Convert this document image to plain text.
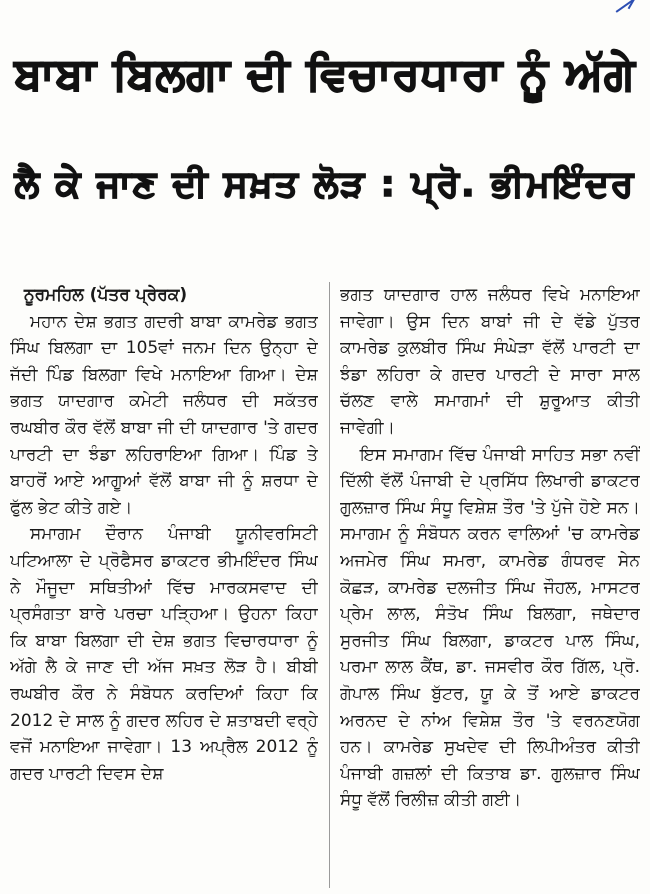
ਬਾਬਾ ਬਿਲਗਾ ਦੀ ਵਿਚਾਰਧਾਰਾ ਨੂੰ ਅੱਗੇ
ਲੈ ਕੇ ਜਾਣ ਦੀ ਸਖ਼ਤ ਲੋੜ : ਪ੍ਰੋ. ਭੀਮਇੰਦਰ
ਨੂਰਮਹਿਲ (ਪੱਤਰ ਪ੍ਰੇਰਕ)

ਮਹਾਨ ਦੇਸ਼ ਭਗਤ ਗਦਰੀ ਬਾਬਾ ਕਾਮਰੇਡ ਭਗਤ ਸਿੰਘ ਬਿਲਗਾ ਦਾ 105ਵਾਂ ਜਨਮ ਦਿਨ ਉਨ੍ਹਾ ਦੇ ਜੱਦੀ ਪਿੰਡ ਬਿਲਗਾ ਵਿਖੇ ਮਨਾਇਆ ਗਿਆ। ਦੇਸ਼ ਭਗਤ ਯਾਦਗਾਰ ਕਮੇਟੀ ਜਲੰਧਰ ਦੀ ਸਕੱਤਰ ਰਘਬੀਰ ਕੌਰ ਵੱਲੋਂ ਬਾਬਾ ਜੀ ਦੀ ਯਾਦਗਾਰ 'ਤੇ ਗਦਰ ਪਾਰਟੀ ਦਾ ਝੰਡਾ ਲਹਿਰਾਇਆ ਗਿਆ। ਪਿੰਡ ਤੇ ਬਾਹਰੋਂ ਆਏ ਆਗੂਆਂ ਵੱਲੋਂ ਬਾਬਾ ਜੀ ਨੂੰ ਸ਼ਰਧਾ ਦੇ ਫੁੱਲ ਭੇਟ ਕੀਤੇ ਗਏ।

ਸਮਾਗਮ ਦੌਰਾਨ ਪੰਜਾਬੀ ਯੂਨੀਵਰਸਿਟੀ ਪਟਿਆਲਾ ਦੇ ਪ੍ਰੋਫੈਸਰ ਡਾਕਟਰ ਭੀਮਇੰਦਰ ਸਿੰਘ ਨੇ ਮੌਜੂਦਾ ਸਥਿਤੀਆਂ ਵਿੱਚ ਮਾਰਕਸਵਾਦ ਦੀ ਪ੍ਰਸੰਗਤਾ ਬਾਰੇ ਪਰਚਾ ਪੜ੍ਹਿਆ। ਉਹਨਾ ਕਿਹਾ ਕਿ ਬਾਬਾ ਬਿਲਗਾ ਦੀ ਦੇਸ਼ ਭਗਤ ਵਿਚਾਰਧਾਰਾ ਨੂੰ ਅੱਗੇ ਲੈ ਕੇ ਜਾਣ ਦੀ ਅੱਜ ਸਖ਼ਤ ਲੋੜ ਹੈ। ਬੀਬੀ ਰਘਬੀਰ ਕੌਰ ਨੇ ਸੰਬੋਧਨ ਕਰਦਿਆਂ ਕਿਹਾ ਕਿ 2012 ਦੇ ਸਾਲ ਨੂੰ ਗਦਰ ਲਹਿਰ ਦੇ ਸ਼ਤਾਬਦੀ ਵਰ੍ਹੇ ਵਜੋਂ ਮਨਾਇਆ ਜਾਵੇਗਾ। 13 ਅਪ੍ਰੈਲ 2012 ਨੂੰ ਗਦਰ ਪਾਰਟੀ ਦਿਵਸ ਦੇਸ਼

ਭਗਤ ਯਾਦਗਾਰ ਹਾਲ ਜਲੰਧਰ ਵਿਖੇ ਮਨਾਇਆ ਜਾਵੇਗਾ। ਉਸ ਦਿਨ ਬਾਬਾਂ ਜੀ ਦੇ ਵੱਡੇ ਪੁੱਤਰ ਕਾਮਰੇਡ ਕੁਲਬੀਰ ਸਿੰਘ ਸੰਘੇੜਾ ਵੱਲੋਂ ਪਾਰਟੀ ਦਾ ਝੰਡਾ ਲਹਿਰਾ ਕੇ ਗਦਰ ਪਾਰਟੀ ਦੇ ਸਾਰਾ ਸਾਲ ਚੱਲਣ ਵਾਲੇ ਸਮਾਗਮਾਂ ਦੀ ਸ਼ੁਰੂਆਤ ਕੀਤੀ ਜਾਵੇਗੀ।

ਇਸ ਸਮਾਗਮ ਵਿੱਚ ਪੰਜਾਬੀ ਸਾਹਿਤ ਸਭਾ ਨਵੀਂ ਦਿੱਲੀ ਵੱਲੋਂ ਪੰਜਾਬੀ ਦੇ ਪ੍ਰਸਿੱਧ ਲਿਖਾਰੀ ਡਾਕਟਰ ਗੁਲਜ਼ਾਰ ਸਿੰਘ ਸੰਧੂ ਵਿਸ਼ੇਸ਼ ਤੌਰ 'ਤੇ ਪੁੱਜੇ ਹੋਏ ਸਨ। ਸਮਾਗਮ ਨੂੰ ਸੰਬੋਧਨ ਕਰਨ ਵਾਲਿਆਂ 'ਚ ਕਾਮਰੇਡ ਅਜਮੇਰ ਸਿੰਘ ਸਮਰਾ, ਕਾਮਰੇਡ ਗੰਧਰਵ ਸੇਨ ਕੋਛੜ, ਕਾਮਰੇਡ ਦਲਜੀਤ ਸਿੰਘ ਜੌਹਲ, ਮਾਸਟਰ ਪ੍ਰੇਮ ਲਾਲ, ਸੰਤੋਖ ਸਿੰਘ ਬਿਲਗਾ, ਜਥੇਦਾਰ ਸੁਰਜੀਤ ਸਿੰਘ ਬਿਲਗਾ, ਡਾਕਟਰ ਪਾਲ ਸਿੰਘ, ਪਰਮਾ ਲਾਲ ਕੈਂਥ, ਡਾ. ਜਸਵੀਰ ਕੌਰ ਗਿੱਲ, ਪ੍ਰੋ. ਗੋਪਾਲ ਸਿੰਘ ਬੁੱਟਰ, ਯੂ ਕੇ ਤੋਂ ਆਏ ਡਾਕਟਰ ਅਰਨਦ ਦੇ ਨਾਂਅ ਵਿਸ਼ੇਸ਼ ਤੌਰ 'ਤੇ ਵਰਨਣਯੋਗ ਹਨ। ਕਾਮਰੇਡ ਸੁਖਦੇਵ ਦੀ ਲਿਪੀਅੰਤਰ ਕੀਤੀ ਪੰਜਾਬੀ ਗਜ਼ਲਾਂ ਦੀ ਕਿਤਾਬ ਡਾ. ਗੁਲਜ਼ਾਰ ਸਿੰਘ ਸੰਧੂ ਵੱਲੋਂ ਰਿਲੀਜ਼ ਕੀਤੀ ਗਈ।
